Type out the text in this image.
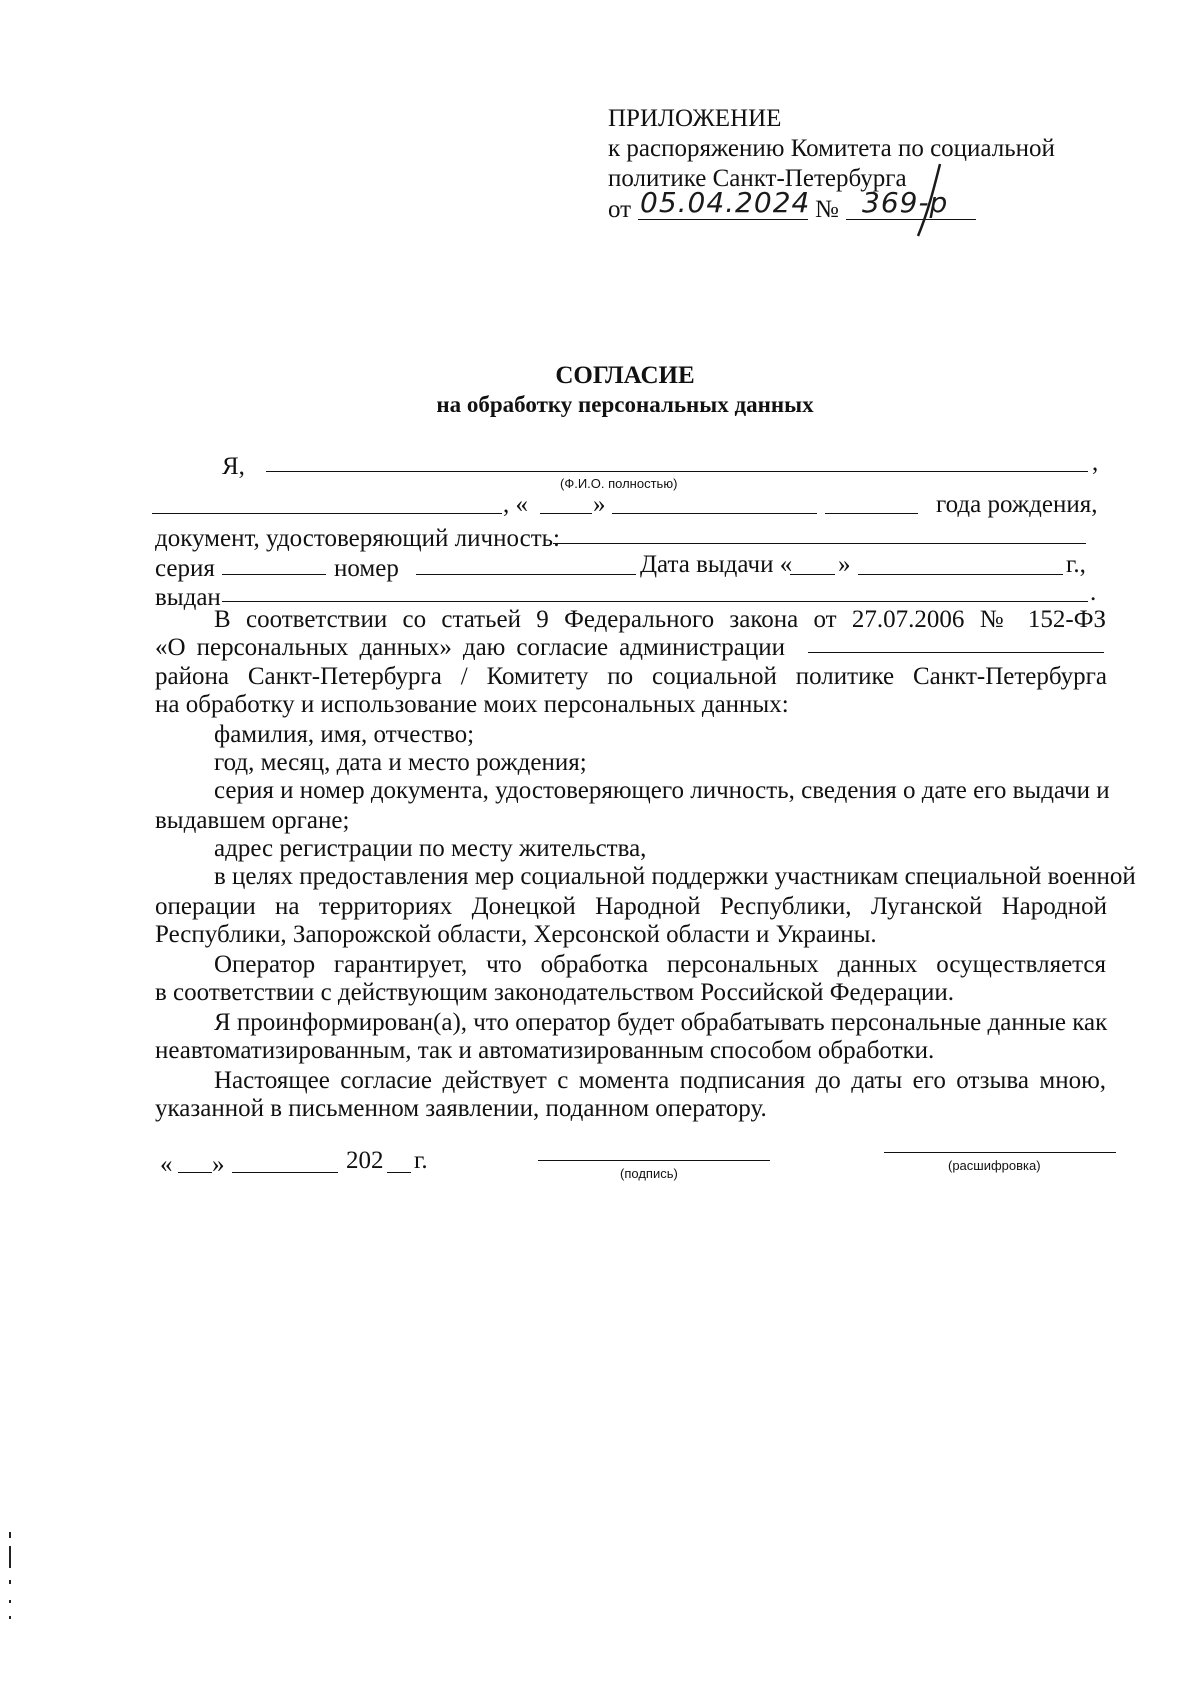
ПРИЛОЖЕНИЕ
к распоряжению Комитета по социальной
политике Санкт-Петербурга
от 05.04.2024 № 369-р
СОГЛАСИЕ
на обработку персональных данных
Я,	,
(Ф.И.О. полностью)
, «	»	года рождения,
документ, удостоверяющий личность:
серия	номер	Дата выдачи « »	г.,
выдан	.
В соответствии со статьей 9 Федерального закона от 27.07.2006 № 152-ФЗ
«О персональных данных» даю согласие администрации
района Санкт-Петербурга / Комитету по социальной политике Санкт-Петербурга
на обработку и использование моих персональных данных:
фамилия, имя, отчество;
год, месяц, дата и место рождения;
серия и номер документа, удостоверяющего личность, сведения о дате его выдачи и
выдавшем органе;
адрес регистрации по месту жительства,
в целях предоставления мер социальной поддержки участникам специальной военной
операции на территориях Донецкой Народной Республики, Луганской Народной
Республики, Запорожской области, Херсонской области и Украины.
Оператор гарантирует, что обработка персональных данных осуществляется
в соответствии с действующим законодательством Российской Федерации.
Я проинформирован(а), что оператор будет обрабатывать персональные данные как
неавтоматизированным, так и автоматизированным способом обработки.
Настоящее согласие действует с момента подписания до даты его отзыва мною,
указанной в письменном заявлении, поданном оператору.
« »	202 г.	(подпись)
(расшифровка)
